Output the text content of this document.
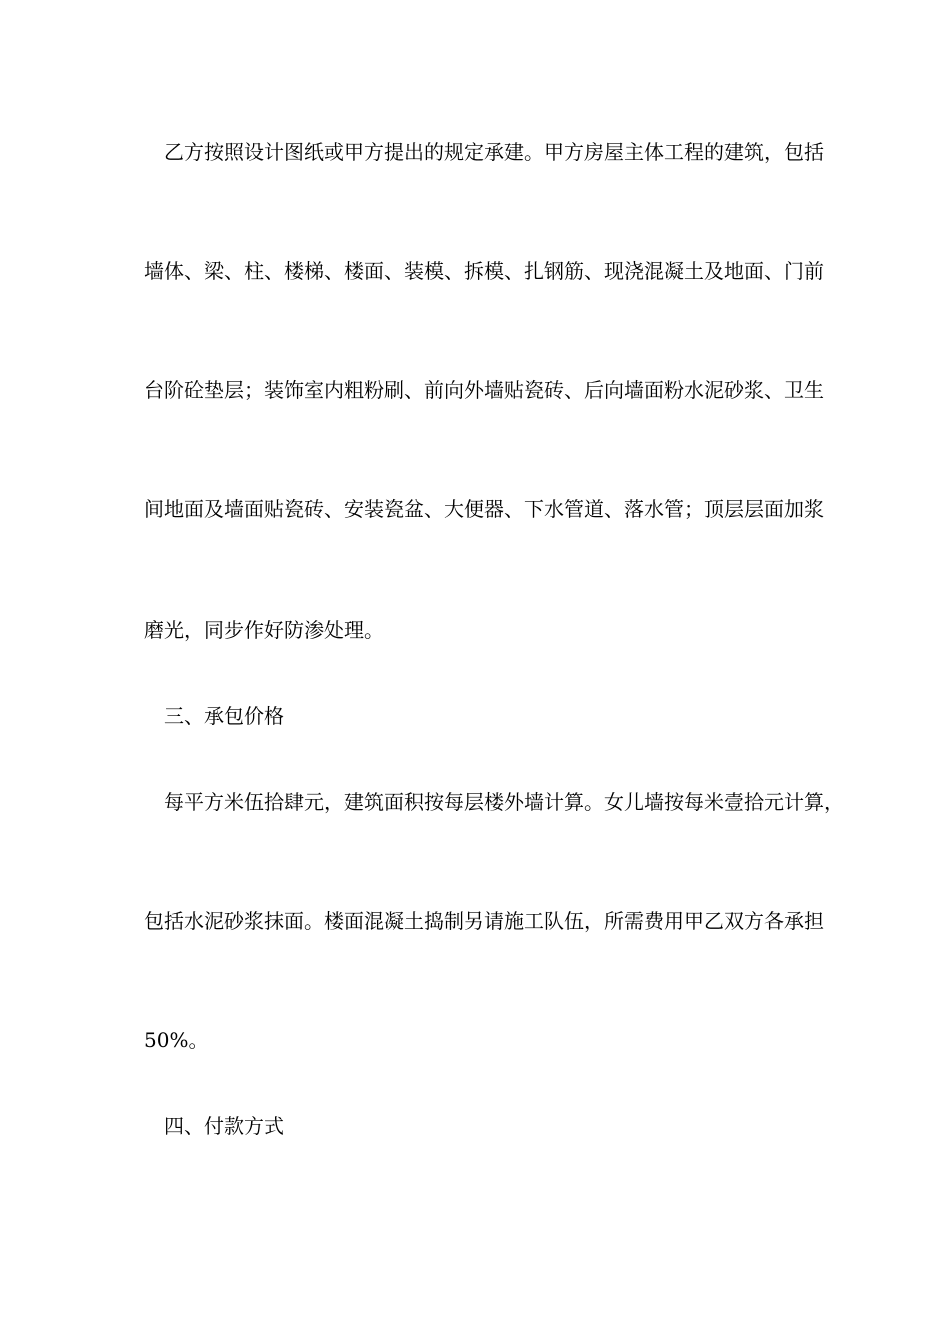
乙方按照设计图纸或甲方提出的规定承建。甲方房屋主体工程的建筑，包括
墙体、梁、柱、楼梯、楼面、装模、拆模、扎钢筋、现浇混凝土及地面、门前
台阶砼垫层；装饰室内粗粉刷、前向外墙贴瓷砖、后向墙面粉水泥砂浆、卫生
间地面及墙面贴瓷砖、安装瓷盆、大便器、下水管道、落水管；顶层层面加浆
磨光，同步作好防渗处理。
三、承包价格
每平方米伍拾肆元，建筑面积按每层楼外墙计算。女儿墙按每米壹拾元计算，
包括水泥砂浆抹面。楼面混凝土捣制另请施工队伍，所需费用甲乙双方各承担
50%。
四、付款方式
